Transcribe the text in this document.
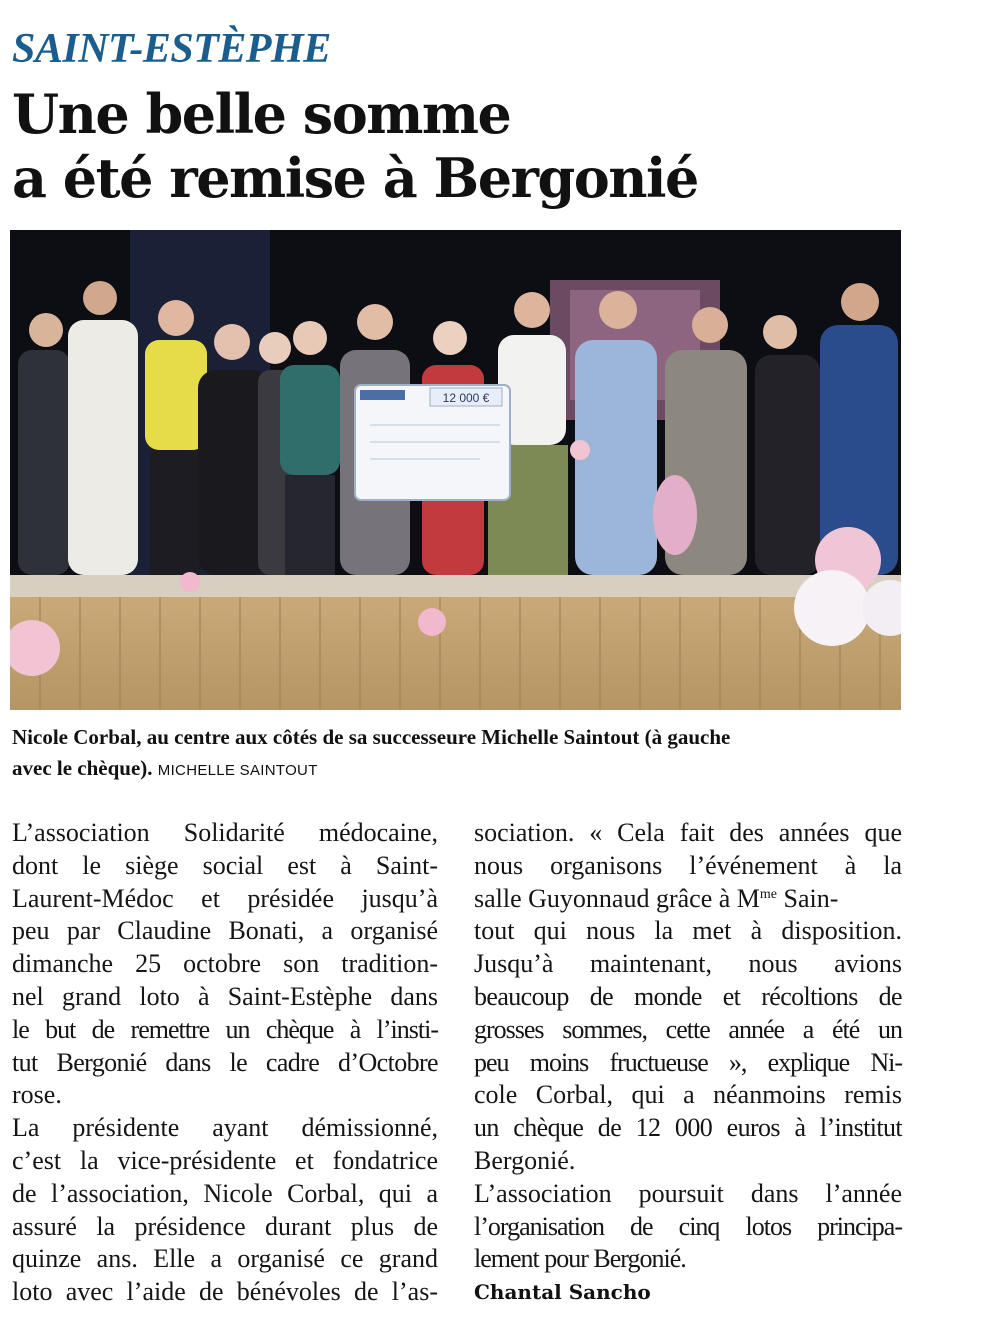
SAINT-ESTÈPHE
Une belle somme
a été remise à Bergonié
12 000 €
Nicole Corbal, au centre aux côtés de sa successeure Michelle Saintout (à gauche
avec le chèque). MICHELLE SAINTOUT
L’association Solidarité médocaine,
dont le siège social est à Saint-
Laurent-Médoc et présidée jusqu’à
peu par Claudine Bonati, a organisé
dimanche 25 octobre son tradition-
nel grand loto à Saint-Estèphe dans
le but de remettre un chèque à l’insti-
tut Bergonié dans le cadre d’Octobre
rose.
La présidente ayant démissionné,
c’est la vice-présidente et fondatrice
de l’association, Nicole Corbal, qui a
assuré la présidence durant plus de
quinze ans. Elle a organisé ce grand
loto avec l’aide de bénévoles de l’as-
sociation. « Cela fait des années que
nous organisons l’événement à la
salle Guyonnaud grâce à $M^{me}$ Sain-
tout qui nous la met à disposition.
Jusqu’à maintenant, nous avions
beaucoup de monde et récoltions de
grosses sommes, cette année a été un
peu moins fructueuse », explique Ni-
cole Corbal, qui a néanmoins remis
un chèque de 12 000 euros à l’institut
Bergonié.
L’association poursuit dans l’année
l’organisation de cinq lotos principa-
lement pour Bergonié.
Chantal Sancho
